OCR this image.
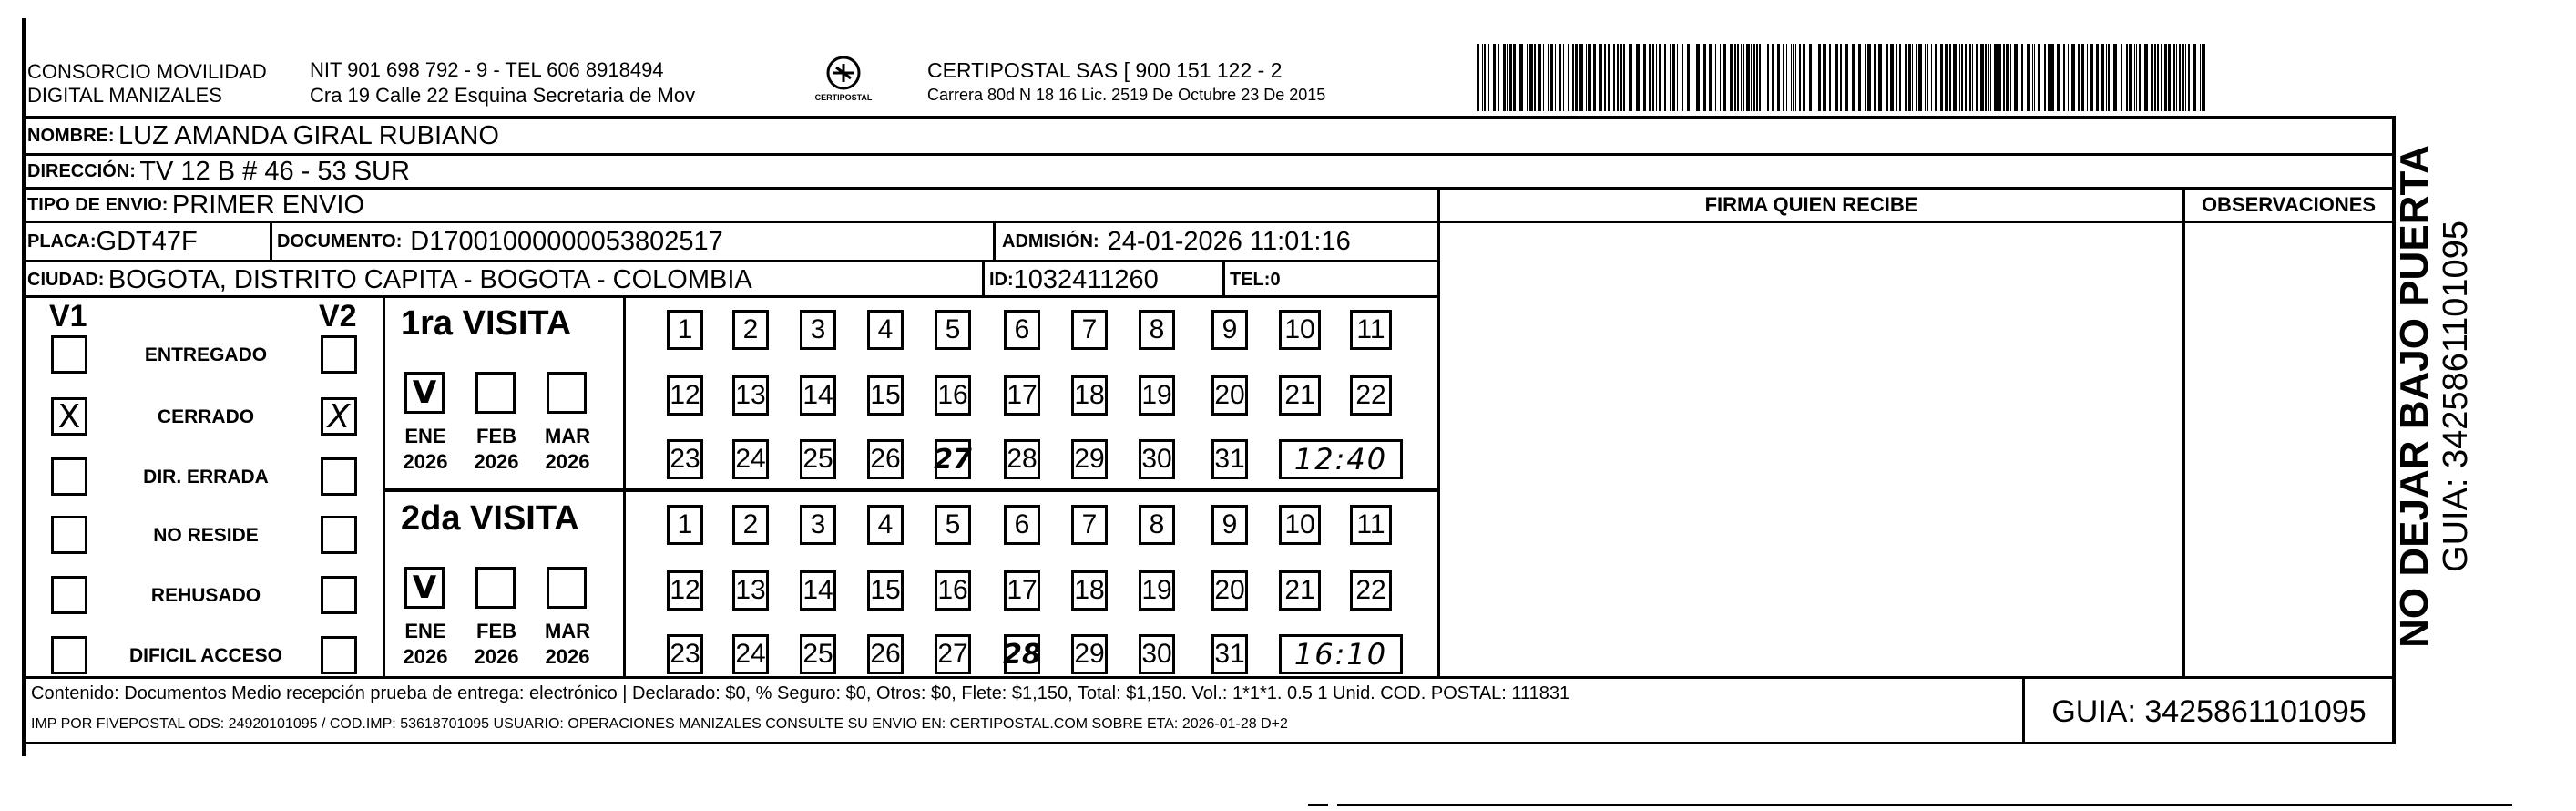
CONSORCIO MOVILIDAD
DIGITAL MANIZALES
NIT 901 698 792 - 9 - TEL 606 8918494
Cra 19 Calle 22 Esquina Secretaria de Mov	CERTIPOSTAL
CERTIPOSTAL SAS [ 900 151 122 - 2
Carrera 80d N 18 16 Lic. 2519 De Octubre 23 De 2015
NOMBRE:
LUZ AMANDA GIRAL RUBIANO
DIRECCIÓN:
TV 12 B # 46 - 53 SUR
TIPO DE ENVIO:
PRIMER ENVIO
PLACA: GDT47F	DOCUMENTO:
D17001000000053802517	ADMISIÓN:
24-01-2026 11:01:16
CIUDAD:
BOGOTA, DISTRITO CAPITA - BOGOTA - COLOMBIA	ID: 1032411260	TEL: 0
FIRMA QUIEN RECIBE	OBSERVACIONES
V1	V2
ENTREGADO
X	CERRADO	X
DIR. ERRADA
NO RESIDE
REHUSADO
DIFICIL ACCESO
1ra VISITA
V
ENE
2026
FEB
2026
MAR
2026
1 2 3 4 5 6 7 8 9 10 11
12 13 14 15 16 17 18 19 20 21 22
23 24 25 26 27 28 29 30 31 12:40
2da VISITA
V
ENE
2026
FEB
2026
MAR
2026
1 2 3 4 5 6 7 8 9 10 11
12 13 14 15 16 17 18 19 20 21 22
23 24 25 26 27 28 29 30 31 16:10
Contenido: Documentos Medio recepción prueba de entrega: electrónico | Declarado: $0, % Seguro: $0, Otros: $0, Flete: $1,150, Total: $1,150. Vol.: 1*1*1. 0.5 1 Unid. COD. POSTAL: 111831
IMP POR FIVEPOSTAL ODS: 24920101095 / COD.IMP: 53618701095 USUARIO: OPERACIONES MANIZALES CONSULTE SU ENVIO EN: CERTIPOSTAL.COM SOBRE ETA: 2026-01-28 D+2	GUIA: 3425861101095
NO DEJAR BAJO PUERTA GUIA: 3425861101095
